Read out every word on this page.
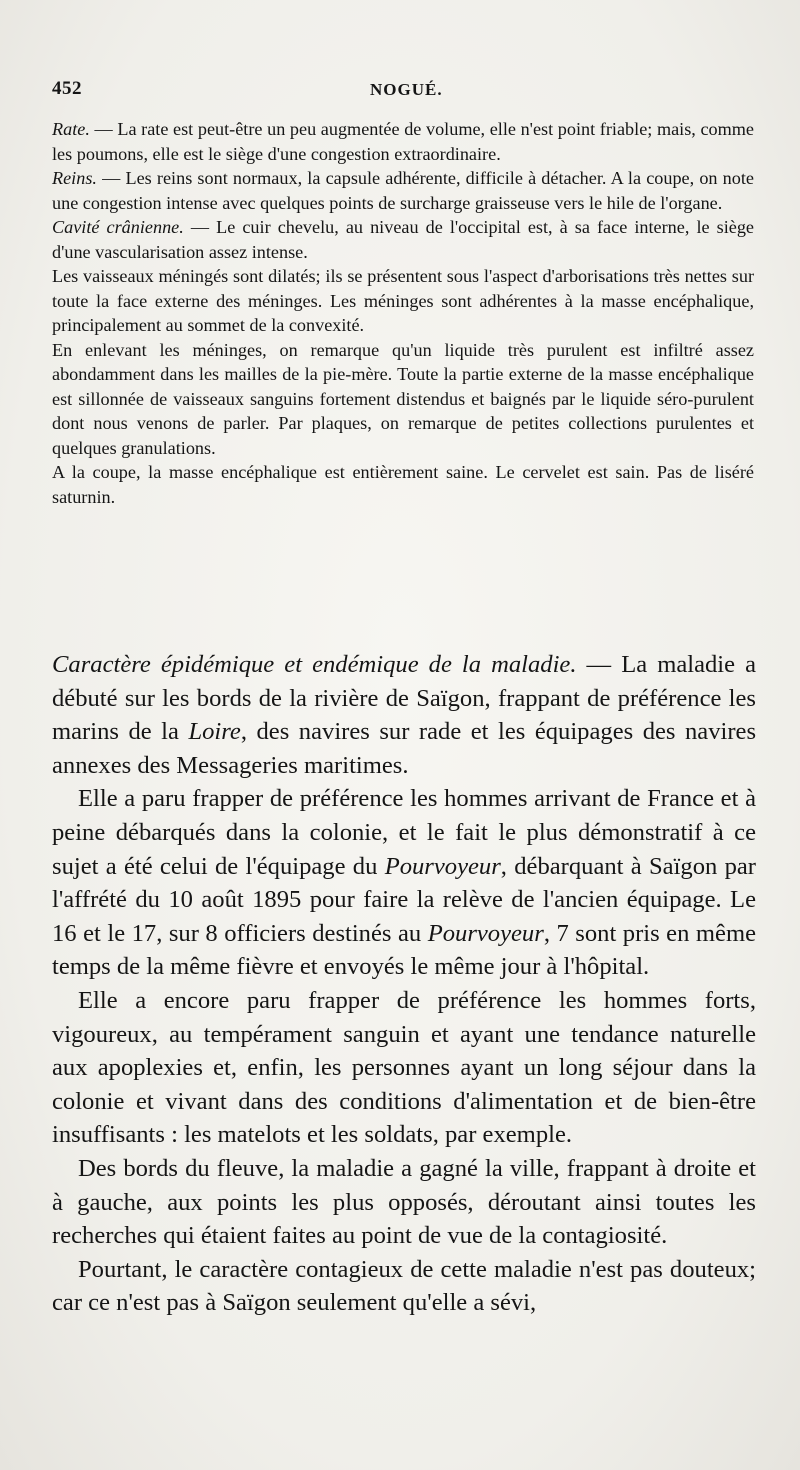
452	NOGUÉ.

Rate. — La rate est peut-être un peu augmentée de volume, elle n'est point friable; mais, comme les poumons, elle est le siège d'une congestion extraordinaire.

Reins. — Les reins sont normaux, la capsule adhérente, difficile à détacher. A la coupe, on note une congestion intense avec quelques points de surcharge graisseuse vers le hile de l'organe.

Cavité crânienne. — Le cuir chevelu, au niveau de l'occipital est, à sa face interne, le siège d'une vascularisation assez intense.

Les vaisseaux méningés sont dilatés; ils se présentent sous l'aspect d'arborisations très nettes sur toute la face externe des méninges. Les méninges sont adhérentes à la masse encéphalique, principalement au sommet de la convexité.

En enlevant les méninges, on remarque qu'un liquide très purulent est infiltré assez abondamment dans les mailles de la pie-mère. Toute la partie externe de la masse encéphalique est sillonnée de vaisseaux sanguins fortement distendus et baignés par le liquide séro-purulent dont nous venons de parler. Par plaques, on remarque de petites collections purulentes et quelques granulations.

A la coupe, la masse encéphalique est entièrement saine. Le cervelet est sain. Pas de liséré saturnin.

Caractère épidémique et endémique de la maladie. — La maladie a débuté sur les bords de la rivière de Saïgon, frappant de préférence les marins de la Loire, des navires sur rade et les équipages des navires annexes des Messageries maritimes.

Elle a paru frapper de préférence les hommes arrivant de France et à peine débarqués dans la colonie, et le fait le plus démonstratif à ce sujet a été celui de l'équipage du Pourvoyeur, débarquant à Saïgon par l'affrété du 10 août 1895 pour faire la relève de l'ancien équipage. Le 16 et le 17, sur 8 officiers destinés au Pourvoyeur, 7 sont pris en même temps de la même fièvre et envoyés le même jour à l'hôpital.

Elle a encore paru frapper de préférence les hommes forts, vigoureux, au tempérament sanguin et ayant une tendance naturelle aux apoplexies et, enfin, les personnes ayant un long séjour dans la colonie et vivant dans des conditions d'alimentation et de bien-être insuffisants : les matelots et les soldats, par exemple.

Des bords du fleuve, la maladie a gagné la ville, frappant à droite et à gauche, aux points les plus opposés, déroutant ainsi toutes les recherches qui étaient faites au point de vue de la contagiosité.

Pourtant, le caractère contagieux de cette maladie n'est pas douteux; car ce n'est pas à Saïgon seulement qu'elle a sévi,
